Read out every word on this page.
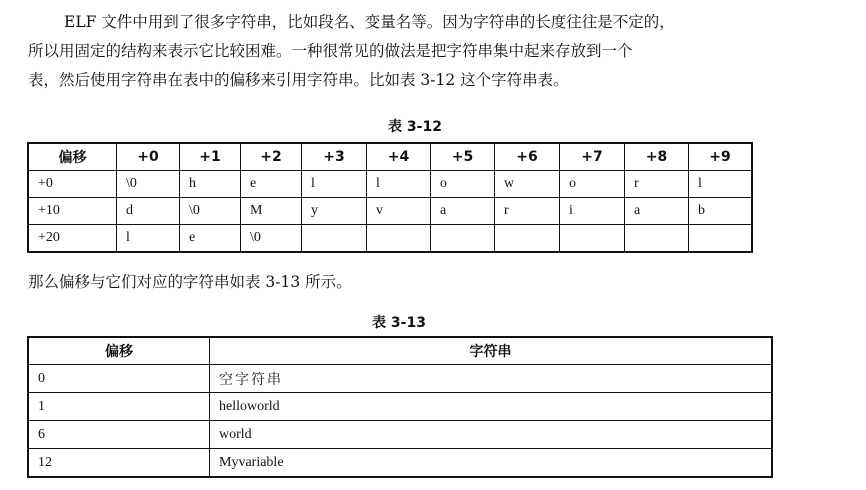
ELF 文件中用到了很多字符串，比如段名、变量名等。因为字符串的长度往往是不定的，
所以用固定的结构来表示它比较困难。一种很常见的做法是把字符串集中起来存放到一个
表，然后使用字符串在表中的偏移来引用字符串。比如表 3-12 这个字符串表。

表 3-12

偏移	+0	+1	+2	+3	+4	+5	+6	+7	+8	+9
+0	\0	h	e	l	l	o	w	o	r	l
+10	d	\0	M	y	v	a	r	i	a	b
+20	l	e	\0							

那么偏移与它们对应的字符串如表 3-13 所示。

表 3-13

偏移	字符串
0	空字符串
1	helloworld
6	world
12	Myvariable
